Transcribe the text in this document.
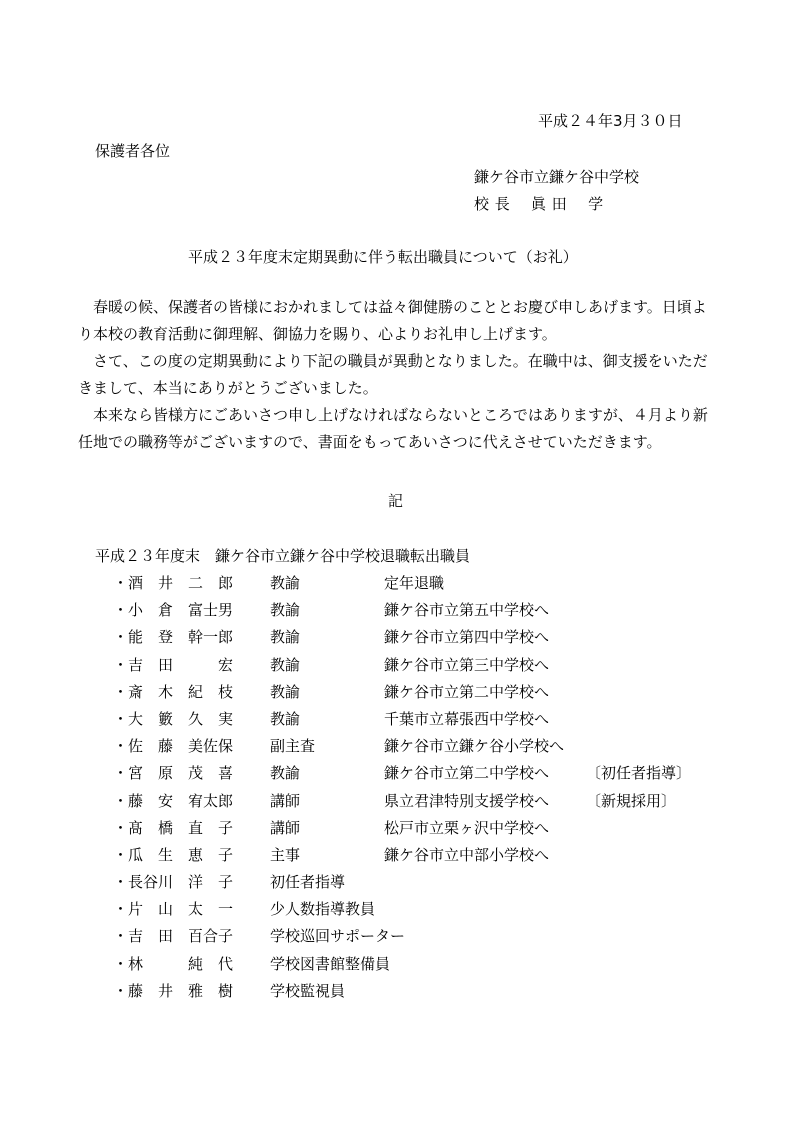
平成２４年3月３０日
保護者各位
鎌ケ谷市立鎌ケ谷中学校
校 長　 眞 田　 学
平成２３年度末定期異動に伴う転出職員について（お礼）
　春暖の候、保護者の皆様におかれましては益々御健勝のこととお慶び申しあげます。日頃より本校の教育活動に御理解、御協力を賜り、心よりお礼申し上げます。
　さて、この度の定期異動により下記の職員が異動となりました。在職中は、御支援をいただきまして、本当にありがとうございました。
　本来なら皆様方にごあいさつ申し上げなければならないところではありますが、４月より新任地での職務等がございますので、書面をもってあいさつに代えさせていただきます。
記
平成２３年度末　鎌ケ谷市立鎌ケ谷中学校退職転出職員
・酒　井　二　郎	教諭	定年退職
・小　倉　富士男	教諭	鎌ケ谷市立第五中学校へ
・能　登　幹一郎	教諭	鎌ケ谷市立第四中学校へ
・吉　田　　　宏	教諭	鎌ケ谷市立第三中学校へ
・斎　木　紀　枝	教諭	鎌ケ谷市立第二中学校へ
・大　籔　久　実	教諭	千葉市立幕張西中学校へ
・佐　藤　美佐保	副主査	鎌ケ谷市立鎌ケ谷小学校へ
・宮　原　茂　喜	教諭	鎌ケ谷市立第二中学校へ	〔初任者指導〕
・藤　安　宥太郎	講師	県立君津特別支援学校へ	〔新規採用〕
・髙　橋　直　子	講師	松戸市立栗ヶ沢中学校へ
・瓜　生　恵　子	主事	鎌ケ谷市立中部小学校へ
・長谷川　洋　子	初任者指導
・片　山　太　一	少人数指導教員
・吉　田　百合子	学校巡回サポーター
・林　　　純　代	学校図書館整備員
・藤　井　雅　樹	学校監視員
